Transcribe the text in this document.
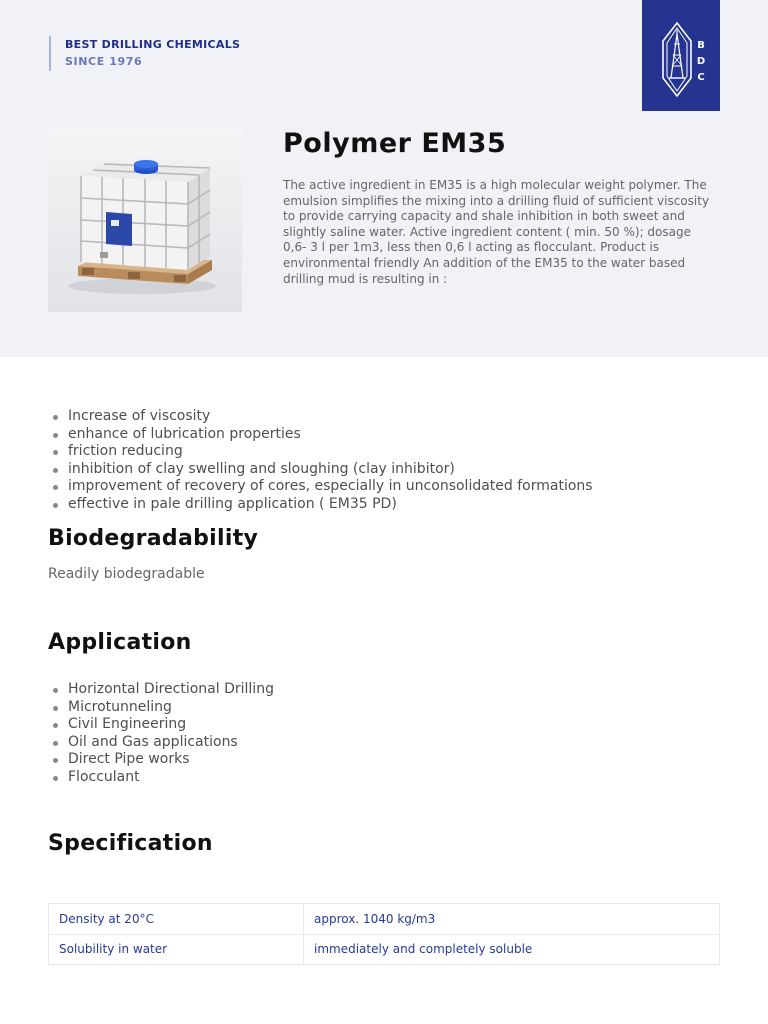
BEST DRILLING CHEMICALS
SINCE 1976
B
D
C
Polymer EM35

The active ingredient in EM35 is a high molecular weight polymer. The emulsion simplifies the mixing into a drilling fluid of sufficient viscosity to provide carrying capacity and shale inhibition in both sweet and slightly saline water. Active ingredient content ( min. 50 %); dosage 0,6- 3 l per 1m3, less then 0,6 l acting as flocculant. Product is environmental friendly An addition of the EM35 to the water based drilling mud is resulting in :

Increase of viscosity
enhance of lubrication properties
friction reducing
inhibition of clay swelling and sloughing (clay inhibitor)
improvement of recovery of cores, especially in unconsolidated formations
effective in pale drilling application ( EM35 PD)
Biodegradability

Readily biodegradable

Application
Horizontal Directional Drilling
Microtunneling
Civil Engineering
Oil and Gas applications
Direct Pipe works
Flocculant
Specification
Density at 20°C	approx. 1040 kg/m3
Solubility in water	immediately and completely soluble
